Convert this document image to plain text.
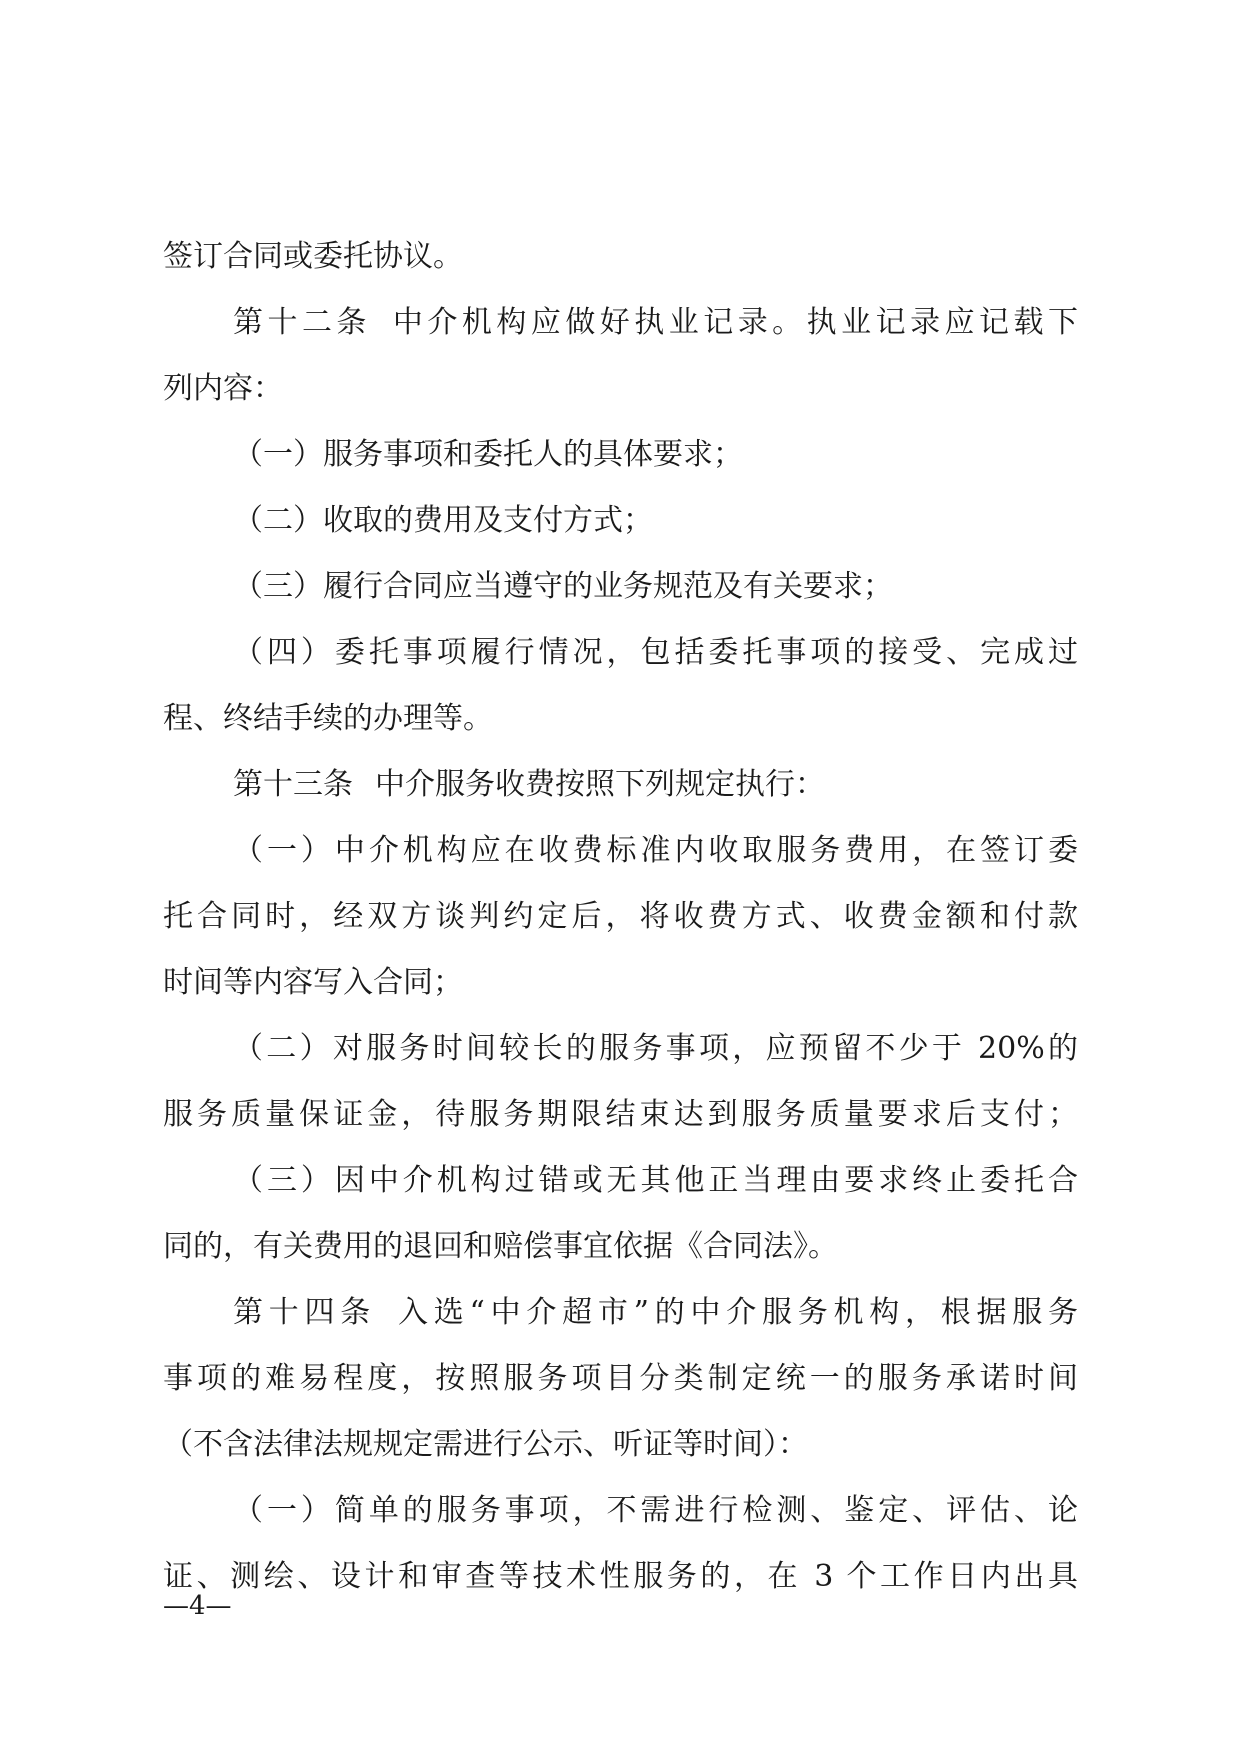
签订合同或委托协议。
第十二条 中介机构应做好执业记录。执业记录应记载下
列内容：
（一）服务事项和委托人的具体要求；
（二）收取的费用及支付方式；
（三）履行合同应当遵守的业务规范及有关要求；
（四）委托事项履行情况，包括委托事项的接受、完成过
程、终结手续的办理等。
第十三条 中介服务收费按照下列规定执行：
（一）中介机构应在收费标准内收取服务费用，在签订委
托合同时，经双方谈判约定后，将收费方式、收费金额和付款
时间等内容写入合同；
（二）对服务时间较长的服务事项，应预留不少于 20%的
服务质量保证金，待服务期限结束达到服务质量要求后支付；
（三）因中介机构过错或无其他正当理由要求终止委托合
同的，有关费用的退回和赔偿事宜依据《合同法》。
第十四条 入选“中介超市”的中介服务机构，根据服务
事项的难易程度，按照服务项目分类制定统一的服务承诺时间
（不含法律法规规定需进行公示、听证等时间）：
（一）简单的服务事项，不需进行检测、鉴定、评估、论
证、测绘、设计和审查等技术性服务的，在 3 个工作日内出具
—4—
